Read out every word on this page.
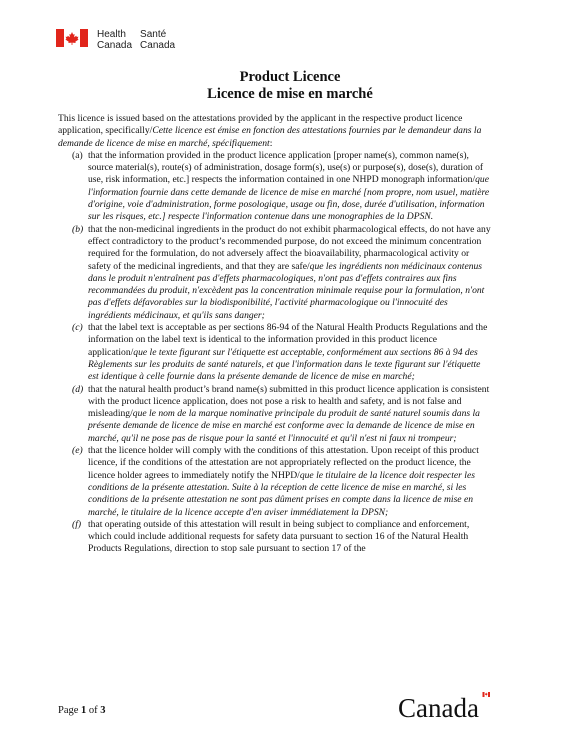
Health
Canada
Santé
Canada
Product Licence
Licence de mise en marché

This licence is issued based on the attestations provided by the applicant in the respective product licence application, specifically/Cette licence est émise en fonction des attestations fournies par le demandeur dans la demande de licence de mise en marché, spécifiquement:

(a) that the information provided in the product licence application [proper name(s), common name(s), source material(s), route(s) of administration, dosage form(s), use(s) or purpose(s), dose(s), duration of use, risk information, etc.] respects the information contained in one NHPD monograph information/que l'information fournie dans cette demande de licence de mise en marché [nom propre, nom usuel, matière d'origine, voie d'administration, forme posologique, usage ou fin, dose, durée d'utilisation, information sur les risques, etc.] respecte l'information contenue dans une monographies de la DPSN.
(b) that the non-medicinal ingredients in the product do not exhibit pharmacological effects, do not have any effect contradictory to the product’s recommended purpose, do not exceed the minimum concentration required for the formulation, do not adversely affect the bioavailability, pharmacological activity or safety of the medicinal ingredients, and that they are safe/que les ingrédients non médicinaux contenus dans le produit n'entraînent pas d'effets pharmacologiques, n'ont pas d'effets contraires aux fins recommandées du produit, n'excèdent pas la concentration minimale requise pour la formulation, n'ont pas d'effets défavorables sur la biodisponibilité, l'activité pharmacologique ou l'innocuité des ingrédients médicinaux, et qu'ils sans danger;
(c) that the label text is acceptable as per sections 86-94 of the Natural Health Products Regulations and the information on the label text is identical to the information provided in this product licence application/que le texte figurant sur l'étiquette est acceptable, conformément aux sections 86 à 94 des Règlements sur les produits de santé naturels, et que l'information dans le texte figurant sur l'étiquette est identique à celle fournie dans la présente demande de licence de mise en marché;
(d) that the natural health product’s brand name(s) submitted in this product licence application is consistent with the product licence application, does not pose a risk to health and safety, and is not false and misleading/que le nom de la marque nominative principale du produit de santé naturel soumis dans la présente demande de licence de mise en marché est conforme avec la demande de licence de mise en marché, qu'il ne pose pas de risque pour la santé et l'innocuité et qu'il n'est ni faux ni trompeur;
(e) that the licence holder will comply with the conditions of this attestation. Upon receipt of this product licence, if the conditions of the attestation are not appropriately reflected on the product licence, the licence holder agrees to immediately notify the NHPD/que le titulaire de la licence doit respecter les conditions de la présente attestation. Suite à la réception de cette licence de mise en marché, si les conditions de la présente attestation ne sont pas dûment prises en compte dans la licence de mise en marché, le titulaire de la licence accepte d'en aviser immédiatement la DPSN;
(f) that operating outside of this attestation will result in being subject to compliance and enforcement, which could include additional requests for safety data pursuant to section 16 of the Natural Health Products Regulations, direction to stop sale pursuant to section 17 of the
Page 1 of 3	Canada
